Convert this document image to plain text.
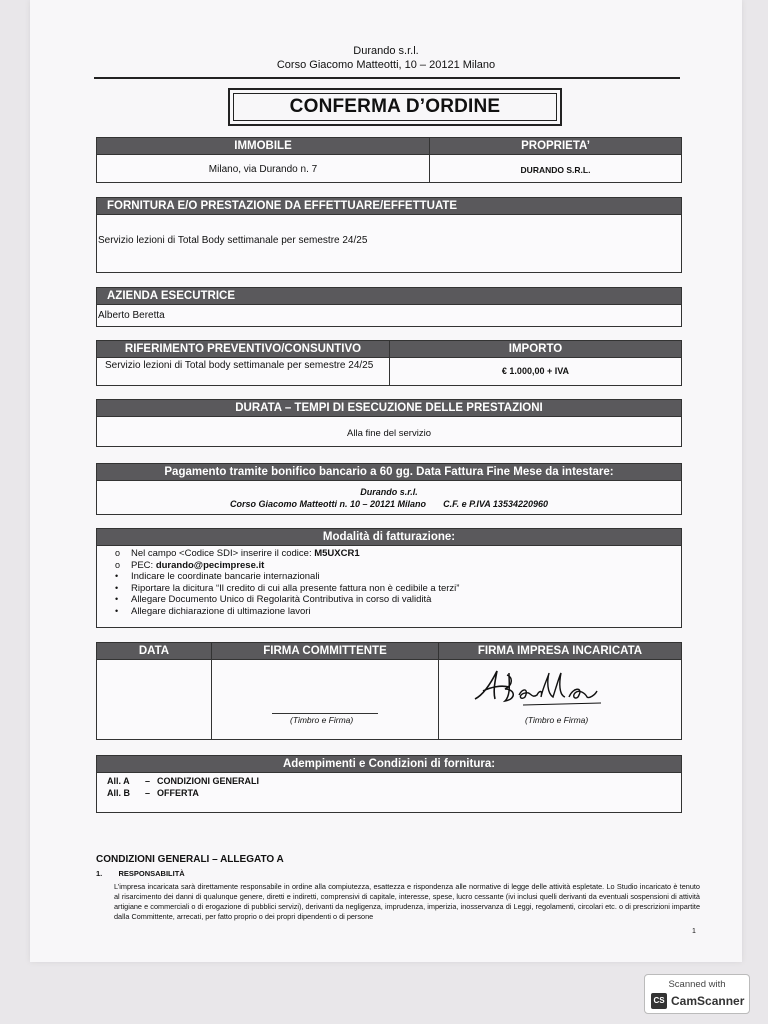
Durando s.r.l.
Corso Giacomo Matteotti, 10 – 20121 Milano
CONFERMA D’ORDINE
IMMOBILE
Milano, via Durando n. 7
PROPRIETA’
DURANDO S.R.L.
FORNITURA E/O PRESTAZIONE DA EFFETTUARE/EFFETTUATE
Servizio lezioni di Total Body settimanale per semestre 24/25
AZIENDA ESECUTRICE
Alberto Beretta
RIFERIMENTO PREVENTIVO/CONSUNTIVO
Servizio lezioni di Total body settimanale per semestre 24/25
IMPORTO
€ 1.000,00 + IVA
DURATA – TEMPI DI ESECUZIONE DELLE PRESTAZIONI
Alla fine del servizio
Pagamento tramite bonifico bancario a 60 gg. Data Fattura Fine Mese da intestare:
Durando s.r.l.
Corso Giacomo Matteotti n. 10 – 20121 Milano C.F. e P.IVA 13534220960
Modalità di fatturazione:
o Nel campo <Codice SDI> inserire il codice: M5UXCR1
o PEC: durando@pecimprese.it
• Indicare le coordinate bancarie internazionali
• Riportare la dicitura “Il credito di cui alla presente fattura non è cedibile a terzi”
• Allegare Documento Unico di Regolarità Contributiva in corso di validità
• Allegare dichiarazione di ultimazione lavori
DATA	FIRMA COMMITTENTE
(Timbro e Firma)
FIRMA IMPRESA INCARICATA
(Timbro e Firma)
Adempimenti e Condizioni di fornitura:
All. A – CONDIZIONI GENERALI
All. B – OFFERTA
CONDIZIONI GENERALI – ALLEGATO A
1. RESPONSABILITÀ
L’impresa incaricata sarà direttamente responsabile in ordine alla compiutezza, esattezza e rispondenza alle normative di legge delle attività espletate. Lo Studio incaricato è tenuto al risarcimento dei danni di qualunque genere, diretti e indiretti, comprensivi di capitale, interesse, spese, lucro cessante (ivi inclusi quelli derivanti da eventuali sospensioni di attività artigiane e commerciali o di erogazione di pubblici servizi), derivanti da negligenza, imprudenza, imperizia, inosservanza di Leggi, regolamenti, circolari etc. o di prescrizioni impartite dalla Committente, arrecati, per fatto proprio o dei propri dipendenti o di persone
1
Scanned with
CS CamScanner
